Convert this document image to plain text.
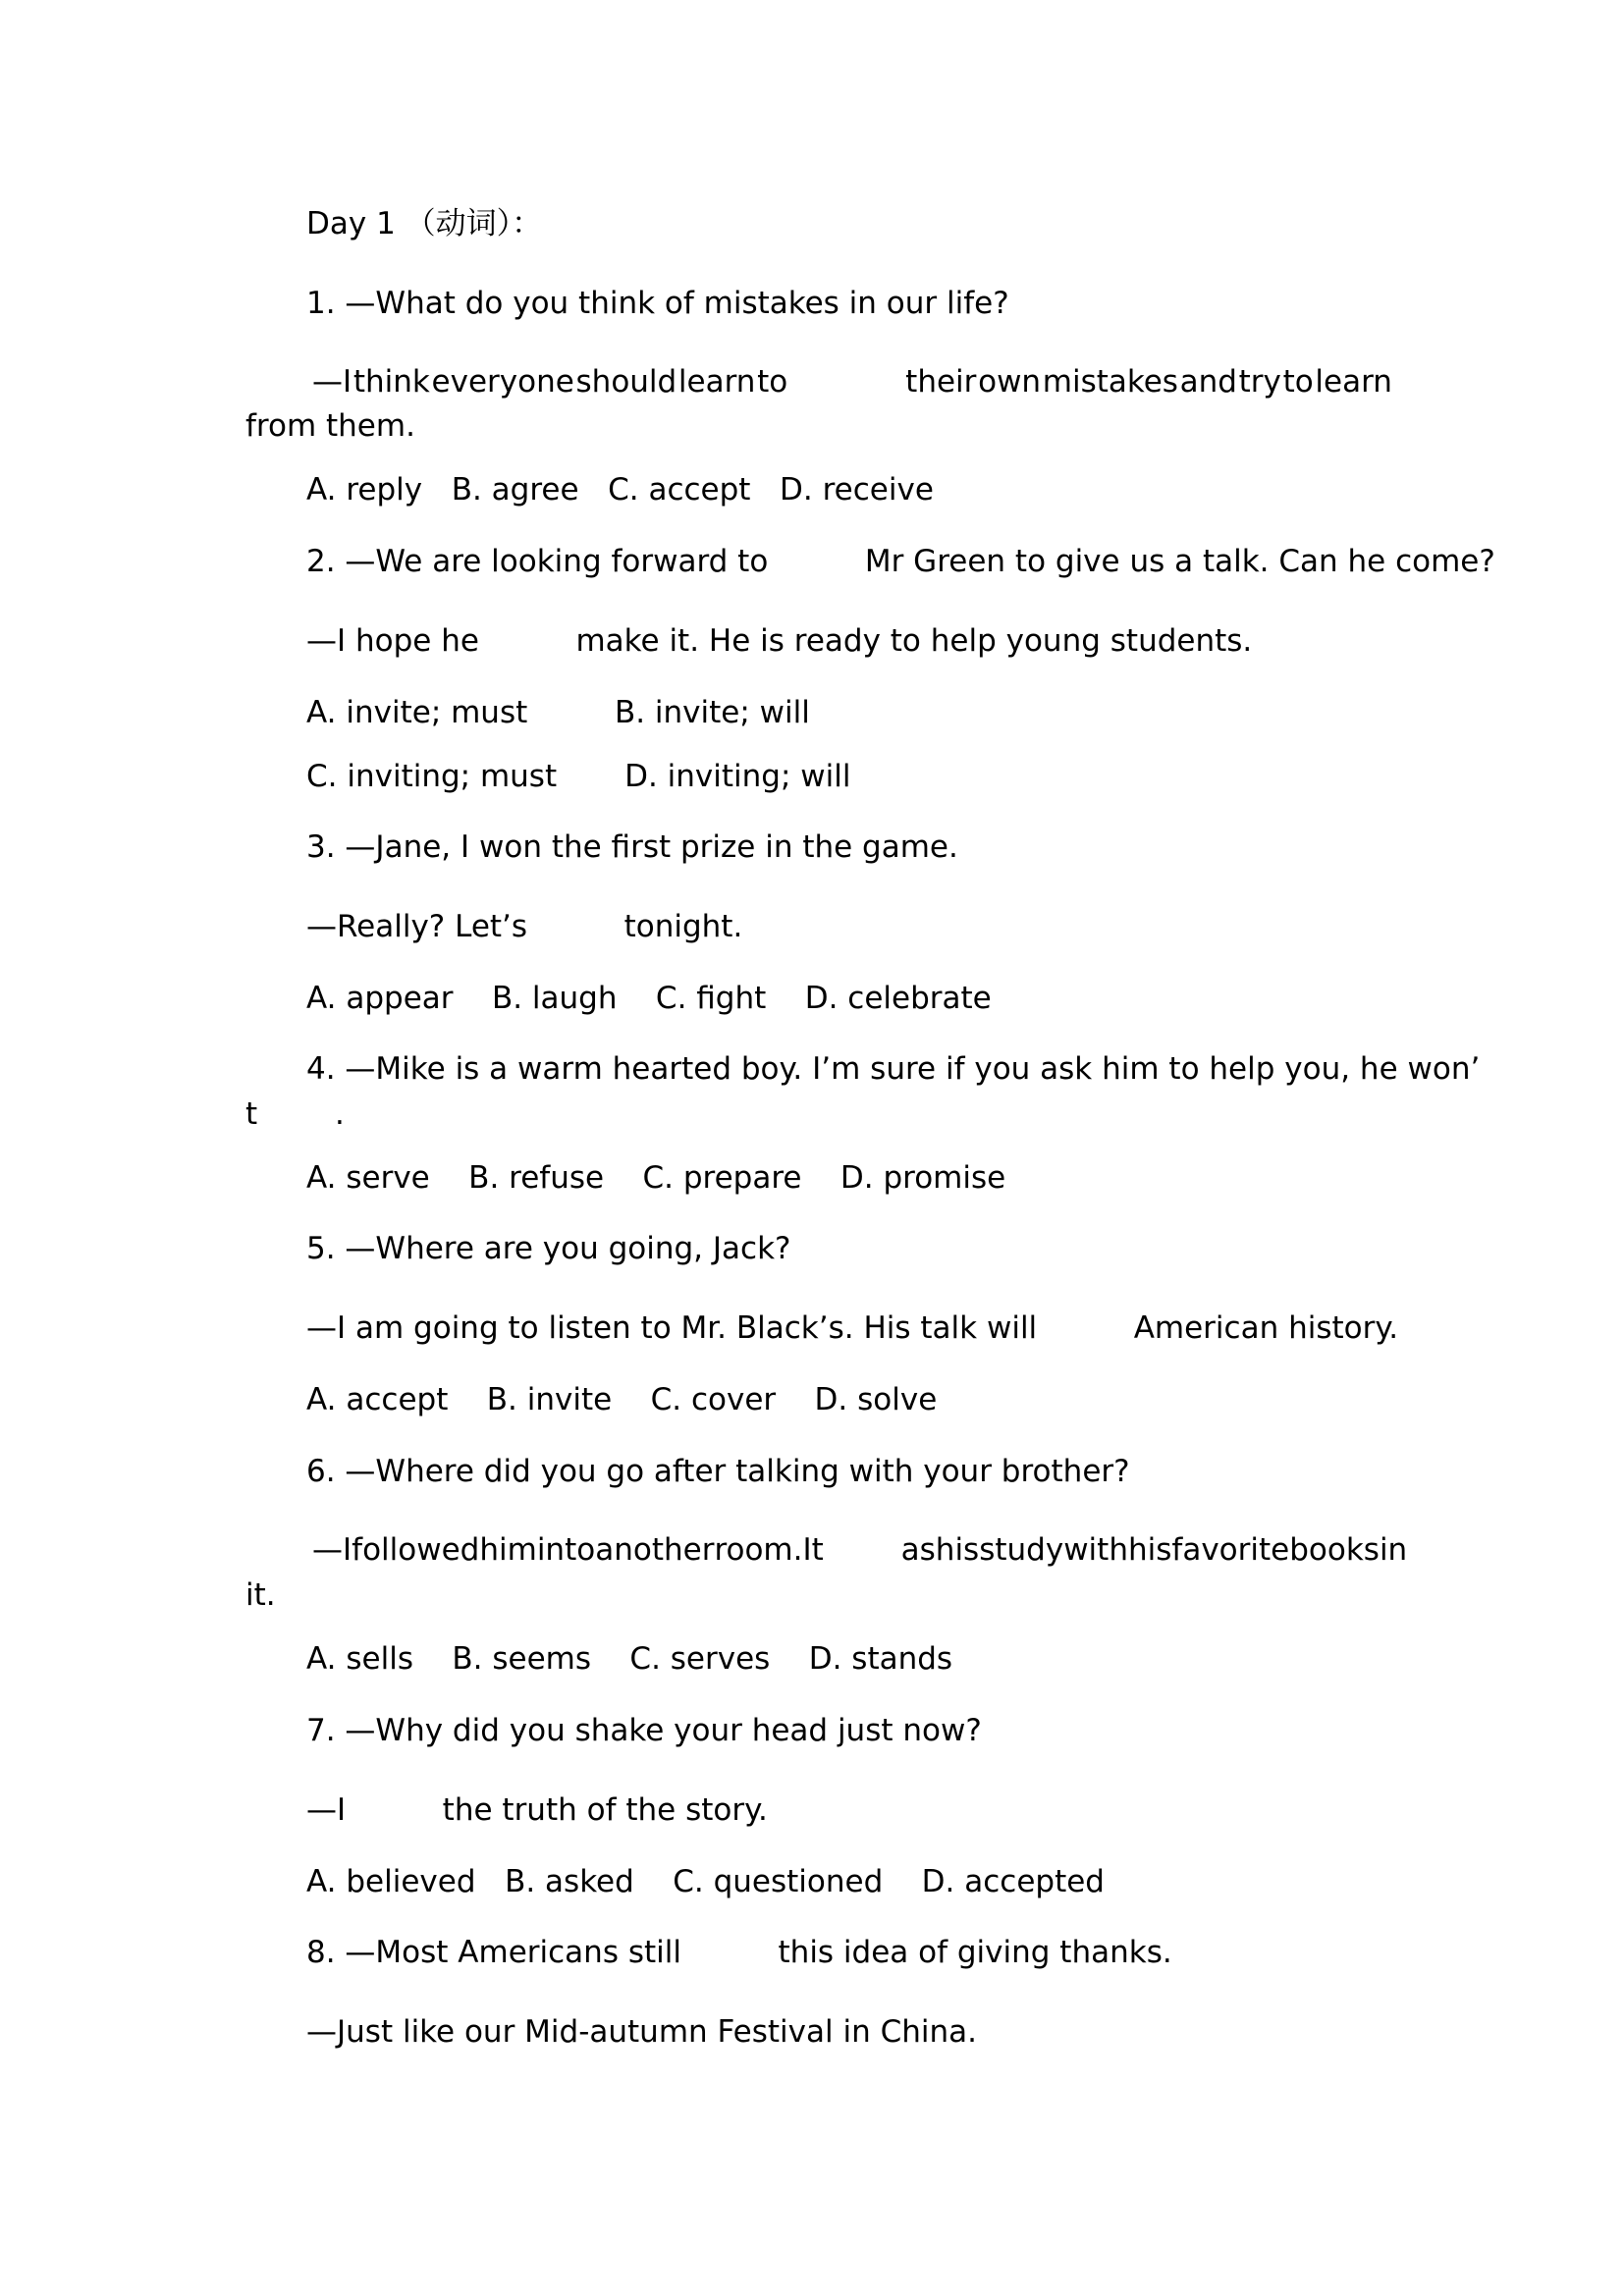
Day 1 （动词）：
1. —What do you think of mistakes in our life?
—I think everyone should learn to their own mistakes and try to learn
from them.
A. reply   B. agree   C. accept   D. receive
2. —We are looking forward to          Mr Green to give us a talk. Can he come?
—I hope he          make it. He is ready to help young students.
A. invite; must         B. invite; will
C. inviting; must       D. inviting; will
3. —Jane, I won the first prize in the game.
—Really? Let’s          tonight.
A. appear    B. laugh    C. fight    D. celebrate
4. —Mike is a warm hearted boy. I’m sure if you ask him to help you, he won’
t        .
A. serve    B. refuse    C. prepare    D. promise
5. —Where are you going, Jack?
—I am going to listen to Mr. Black’s. His talk will          American history.
A. accept    B. invite    C. cover    D. solve
6. —Where did you go after talking with your brother?
—I followed him into another room. It as his study with his favorite books in
it.
A. sells    B. seems    C. serves    D. stands
7. —Why did you shake your head just now?
—I          the truth of the story.
A. believed   B. asked    C. questioned    D. accepted
8. —Most Americans still          this idea of giving thanks.
—Just like our Mid-autumn Festival in China.
